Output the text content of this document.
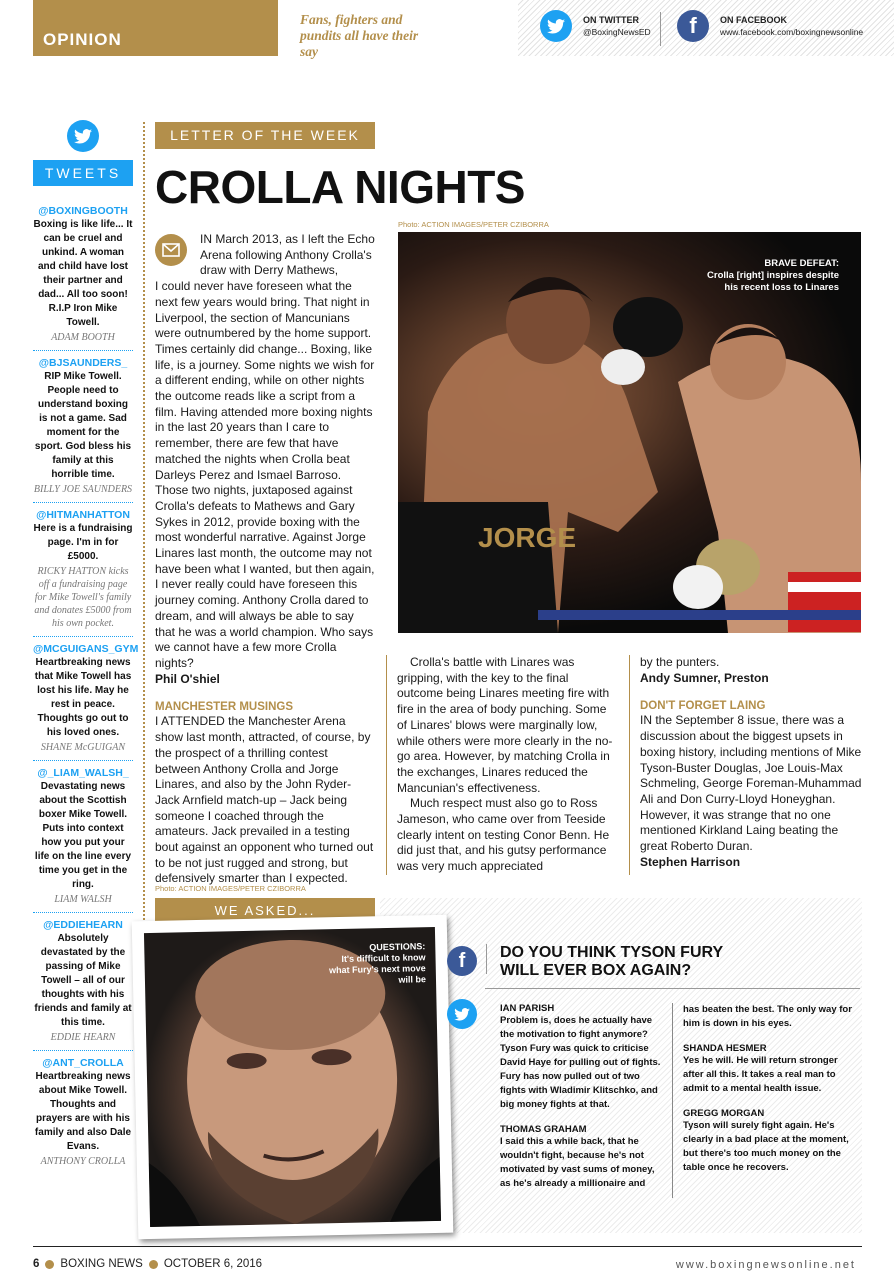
OPINION
Fans, fighters and pundits all have their say
ON TWITTER
@BoxingNewsED	f	ON FACEBOOK
www.facebook.com/boxingnewsonline
TWEETS
@BOXINGBOOTH
Boxing is like life... It can be cruel and unkind. A woman and child have lost their partner and dad... All too soon! R.I.P Iron Mike Towell.
ADAM BOOTH
@BJSAUNDERS_
RIP Mike Towell. People need to understand boxing is not a game. Sad moment for the sport. God bless his family at this horrible time.
BILLY JOE SAUNDERS
@HITMANHATTON
Here is a fundraising page. I'm in for £5000.
RICKY HATTON kicks off a fundraising page for Mike Towell's family and donates £5000 from his own pocket.
@MCGUIGANS_GYM
Heartbreaking news that Mike Towell has lost his life. May he rest in peace. Thoughts go out to his loved ones.
SHANE McGUIGAN
@_LIAM_WALSH_
Devastating news about the Scottish boxer Mike Towell. Puts into context how you put your life on the line every time you get in the ring.
LIAM WALSH
@EDDIEHEARN
Absolutely devastated by the passing of Mike Towell – all of our thoughts with his friends and family at this time.
EDDIE HEARN
@ANT_CROLLA
Heartbreaking news about Mike Towell. Thoughts and prayers are with his family and also Dale Evans.
ANTHONY CROLLA
LETTER OF THE WEEK
CROLLA NIGHTS
Photo: ACTION IMAGES/PETER CZIBORRA

IN March 2013, as I left the Echo Arena following Anthony Crolla's draw with Derry Mathews,

I could never have foreseen what the next few years would bring. That night in Liverpool, the section of Mancunians were outnumbered by the home support. Times certainly did change... Boxing, like life, is a journey. Some nights we wish for a different ending, while on other nights the outcome reads like a script from a film. Having attended more boxing nights in the last 20 years than I care to remember, there are few that have matched the nights when Crolla beat Darleys Perez and Ismael Barroso. Those two nights, juxtaposed against Crolla's defeats to Mathews and Gary Sykes in 2012, provide boxing with the most wonderful narrative. Against Jorge Linares last month, the outcome may not have been what I wanted, but then again, I never really could have foreseen this journey coming. Anthony Crolla dared to dream, and will always be able to say that he was a world champion. Who says we cannot have a few more Crolla nights?

Phil O'shiel

MANCHESTER MUSINGS

I ATTENDED the Manchester Arena show last month, attracted, of course, by the prospect of a thrilling contest between Anthony Crolla and Jorge Linares, and also by the John Ryder-Jack Arnfield match-up – Jack being someone I coached through the amateurs. Jack prevailed in a testing bout against an opponent who turned out to be not just rugged and strong, but defensively smarter than I expected.

JORGE
BRAVE DEFEAT:
Crolla [right] inspires despite his recent loss to Linares

Crolla's battle with Linares was gripping, with the key to the final outcome being Linares meeting fire with fire in the area of body punching. Some of Linares' blows were marginally low, while others were more clearly in the no-go area. However, by matching Crolla in the exchanges, Linares reduced the Mancunian's effectiveness.

Much respect must also go to Ross Jameson, who came over from Teeside clearly intent on testing Conor Benn. He did just that, and his gutsy performance was very much appreciated

by the punters.

Andy Sumner, Preston

DON'T FORGET LAING

IN the September 8 issue, there was a discussion about the biggest upsets in boxing history, including mentions of Mike Tyson-Buster Douglas, Joe Louis-Max Schmeling, George Foreman-Muhammad Ali and Don Curry-Lloyd Honeyghan. However, it was strange that no one mentioned Kirkland Laing beating the great Roberto Duran.

Stephen Harrison

Photo: ACTION IMAGES/PETER CZIBORRA
WE ASKED...
QUESTIONS:
It's difficult to know what Fury's next move will be
f	DO YOU THINK TYSON FURY WILL EVER BOX AGAIN?
IAN PARISH
Problem is, does he actually have the motivation to fight anymore? Tyson Fury was quick to criticise David Haye for pulling out of fights. Fury has now pulled out of two fights with Wladimir Klitschko, and big money fights at that.
THOMAS GRAHAM
I said this a while back, that he wouldn't fight, because he's not motivated by vast sums of money, as he's already a millionaire and
has beaten the best. The only way for him is down in his eyes.
SHANDA HESMER
Yes he will. He will return stronger after all this. It takes a real man to admit to a mental health issue.
GREGG MORGAN
Tyson will surely fight again. He's clearly in a bad place at the moment, but there's too much money on the table once he recovers.
6 BOXING NEWS OCTOBER 6, 2016	www.boxingnewsonline.net
